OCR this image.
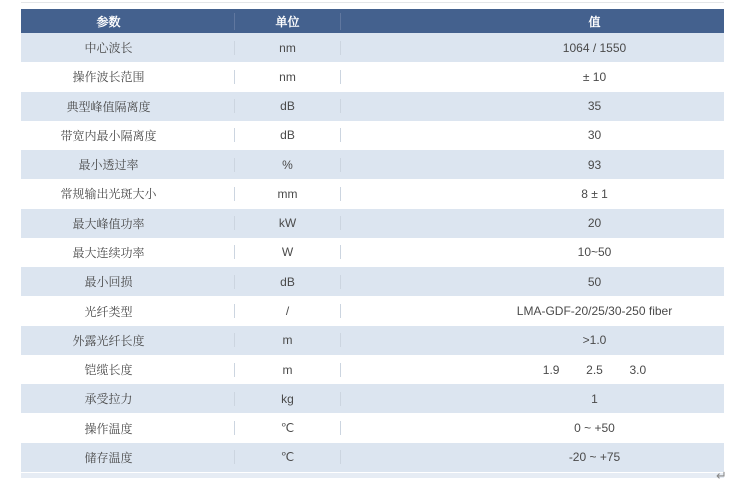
参数	单位	值
中心波长	nm	1064 / 1550
操作波长范围	nm	± 10
典型峰值隔离度	dB	35
带宽内最小隔离度	dB	30
最小透过率	%	93
常规输出光斑大小	mm	8 ± 1
最大峰值功率	kW	20
最大连续功率	W	10~50
最小回损	dB	50
光纤类型	/	LMA-GDF-20/25/30-250 fiber
外露光纤长度	m	>1.0
铠缆长度	m	1.9        2.5        3.0
承受拉力	kg	1
操作温度	℃	0 ~ +50
储存温度	℃	-20 ~ +75
↵
